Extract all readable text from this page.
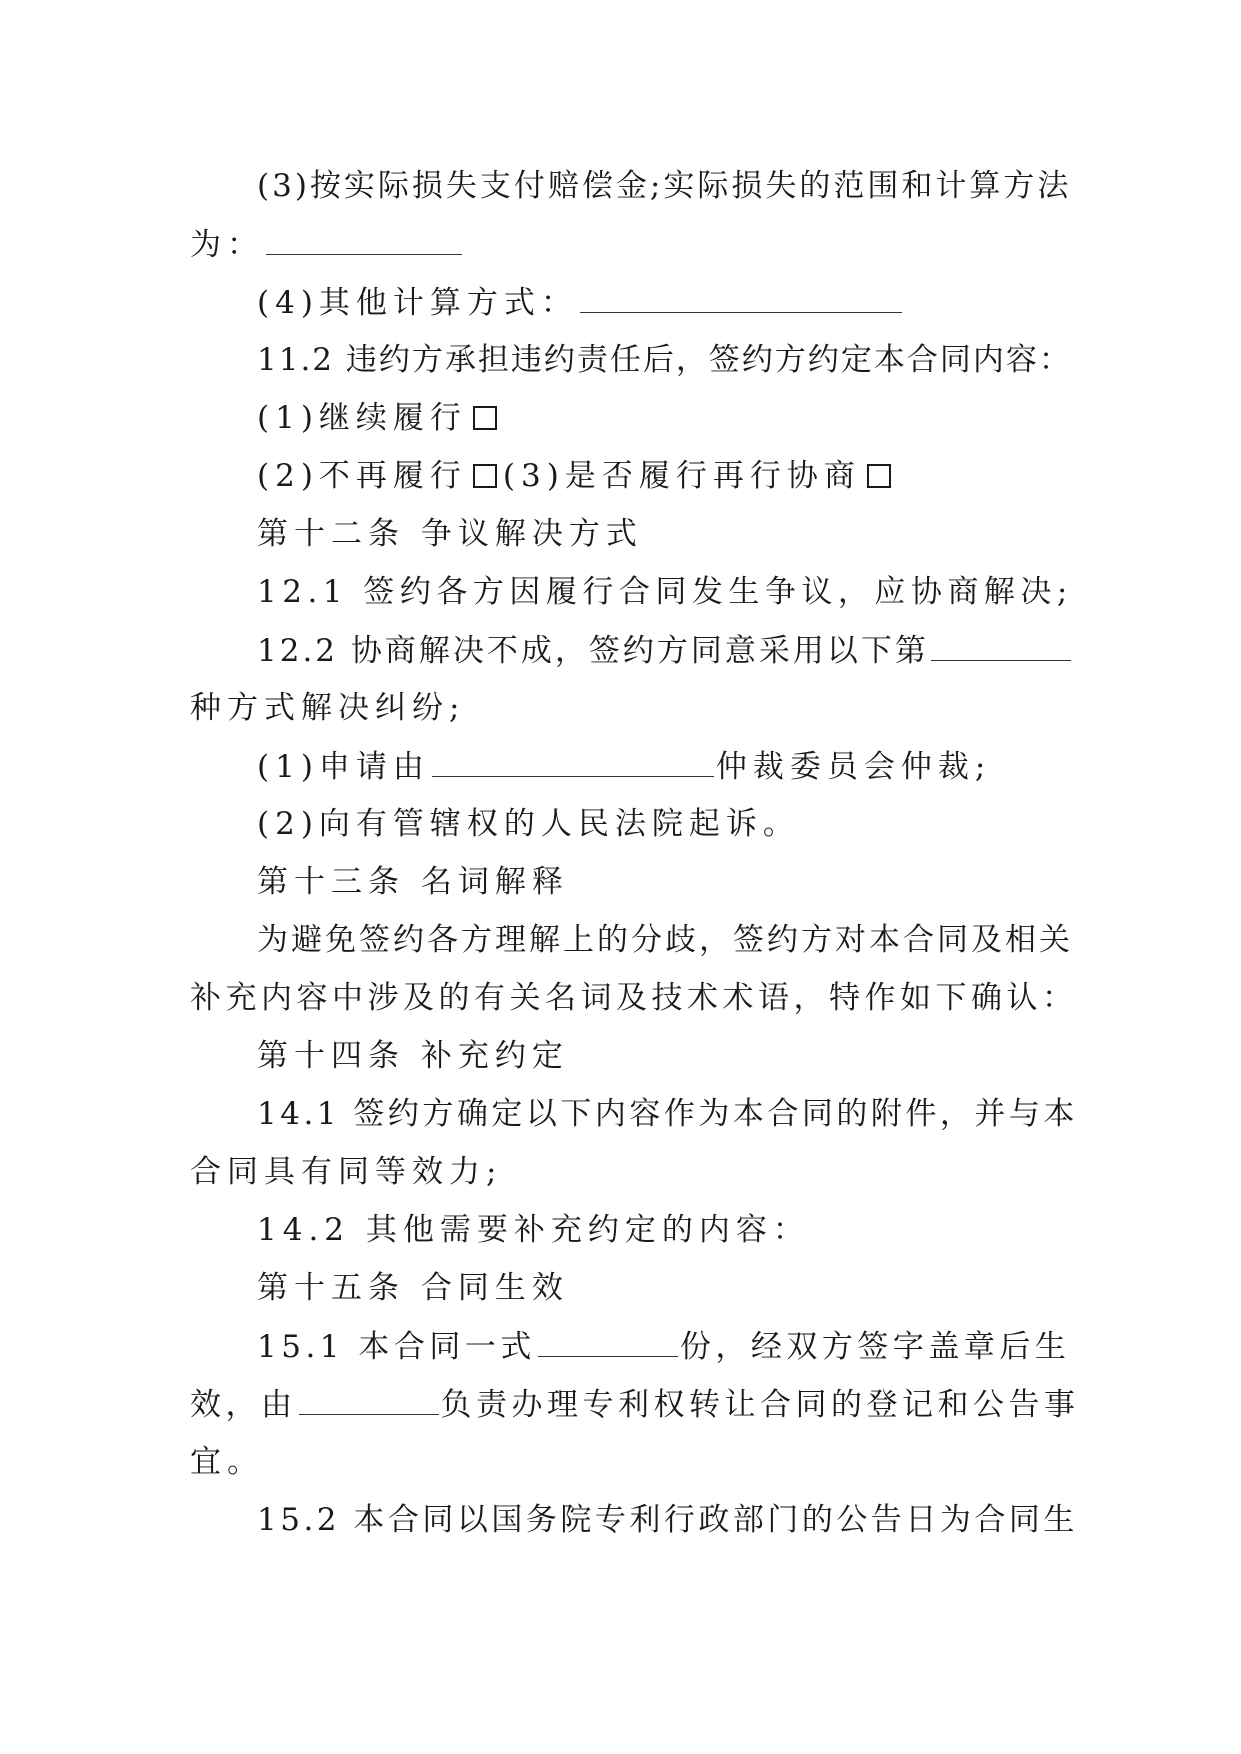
(3)按实际损失支付赔偿金;实际损失的范围和计算方法
为：
(4)其他计算方式：
11.2 违约方承担违约责任后，签约方约定本合同内容：
(1)继续履行
(2)不再履行 (3)是否履行再行协商
第十二条 争议解决方式
12.1 签约各方因履行合同发生争议，应协商解决;
12.2 协商解决不成，签约方同意采用以下第
种方式解决纠纷;
(1)申请由	仲裁委员会仲裁;
(2)向有管辖权的人民法院起诉。
第十三条 名词解释
为避免签约各方理解上的分歧，签约方对本合同及相关
补充内容中涉及的有关名词及技术术语，特作如下确认：
第十四条 补充约定
14.1 签约方确定以下内容作为本合同的附件，并与本
合同具有同等效力;
14.2 其他需要补充约定的内容：
第十五条 合同生效
15.1 本合同一式	份，经双方签字盖章后生
效，由	负责办理专利权转让合同的登记和公告事
宜。
15.2 本合同以国务院专利行政部门的公告日为合同生
